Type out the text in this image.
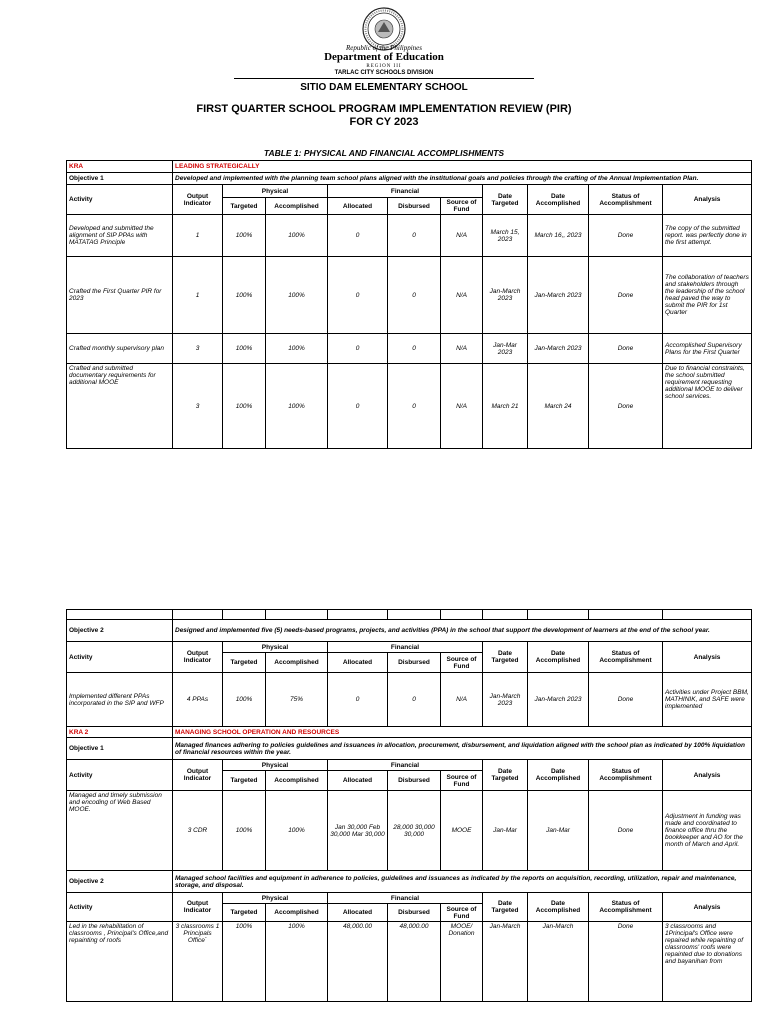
Republic of the Philippines
Department of Education
REGION III
TARLAC CITY SCHOOLS DIVISION
SITIO DAM ELEMENTARY SCHOOL
FIRST QUARTER SCHOOL PROGRAM IMPLEMENTATION REVIEW (PIR)
FOR CY 2023
TABLE 1: PHYSICAL AND FINANCIAL ACCOMPLISHMENTS
KRA	LEADING STRATEGICALLY									
Objective 1	Developed and implemented with the planning team school plans aligned with the institutional goals and policies through the crafting of the Annual Implementation Plan.									
Activity	Output Indicator	Physical		Financial			Date Targeted	Date Accomplished	Status of Accomplishment	Analysis
		Targeted	Accomplished	Allocated	Disbursed	Source of Fund				
Developed and submitted the alignment of SIP PPAs with MATATAG Principle	1	100%	100%	0	0	N/A	March 15, 2023	March 16,, 2023	Done	The copy of the submitted report. was perfectly done in the first attempt.
Crafted the First Quarter PIR for 2023	1	100%	100%	0	0	N/A	Jan-March 2023	Jan-March 2023	Done	The collaboration of teachers and stakeholders through the leadership of the school head paved the way to submit the PIR for 1st Quarter
Crafted monthly supervisory plan	3	100%	100%	0	0	N/A	Jan-Mar 2023	Jan-March 2023	Done	Accomplished Supervisory Plans for the First Quarter
Crafted and submitted documentary requirements for additional MOOE	3	100%	100%	0	0	N/A	March 21	March 24	Done	Due to financial constraints, the school submitted requirement requesting additional MOOE to deliver school services.

Objective 2	Designed and implemented five (5) needs-based programs, projects, and activities (PPA) in the school that support the development of learners at the end of the school year.									
Activity	Output Indicator	Physical		Financial			Date Targeted	Date Accomplished	Status of Accomplishment	Analysis
		Targeted	Accomplished	Allocated	Disbursed	Source of Fund				
Implemented different PPAs incorporated in the SIP and WFP	4 PPAs	100%	75%	0	0	N/A	Jan-March 2023	Jan-March 2023	Done	Activities under Project BBM, MATHINIK, and SAFE were implemented
KRA 2	MANAGING SCHOOL OPERATION AND RESOURCES									
Objective 1	Managed finances adhering to policies guidelines and issuances in allocation, procurement, disbursement, and liquidation aligned with the school plan as indicated by 100% liquidation of financial resources within the year.									
Activity	Output Indicator	Physical		Financial			Date Targeted	Date Accomplished	Status of Accomplishment	Analysis
		Targeted	Accomplished	Allocated	Disbursed	Source of Fund				
Managed and timely submission and encoding of Web Based MOOE.	3 CDR	100%	100%	Jan 30,000 Feb 30,000 Mar 30,000	28,000 30,000 30,000	MOOE	Jan-Mar	Jan-Mar	Done	Adjustment in funding was made and coordinated to finance office thru the bookkeeper and AO for the month of March and April.
Objective 2	Managed school facilities and equipment in adherence to policies, guidelines and issuances as indicated by the reports on acquisition, recording, utilization, repair and maintenance, storage, and disposal.									
Activity	Output Indicator	Physical		Financial			Date Targeted	Date Accomplished	Status of Accomplishment	Analysis
		Targeted	Accomplished	Allocated	Disbursed	Source of Fund				
Led in the rehabilitation of classrooms , Principal's Office,and repainting of roofs	3 classrooms 1 Principals Office`	100%	100%	48,000.00	48,000.00	MOOE/ Donation	Jan-March	Jan-March	Done	3 classrooms and 1Principal's Office were repaired while repainting of classrooms' roofs were repainted due to donations and bayanihan from
